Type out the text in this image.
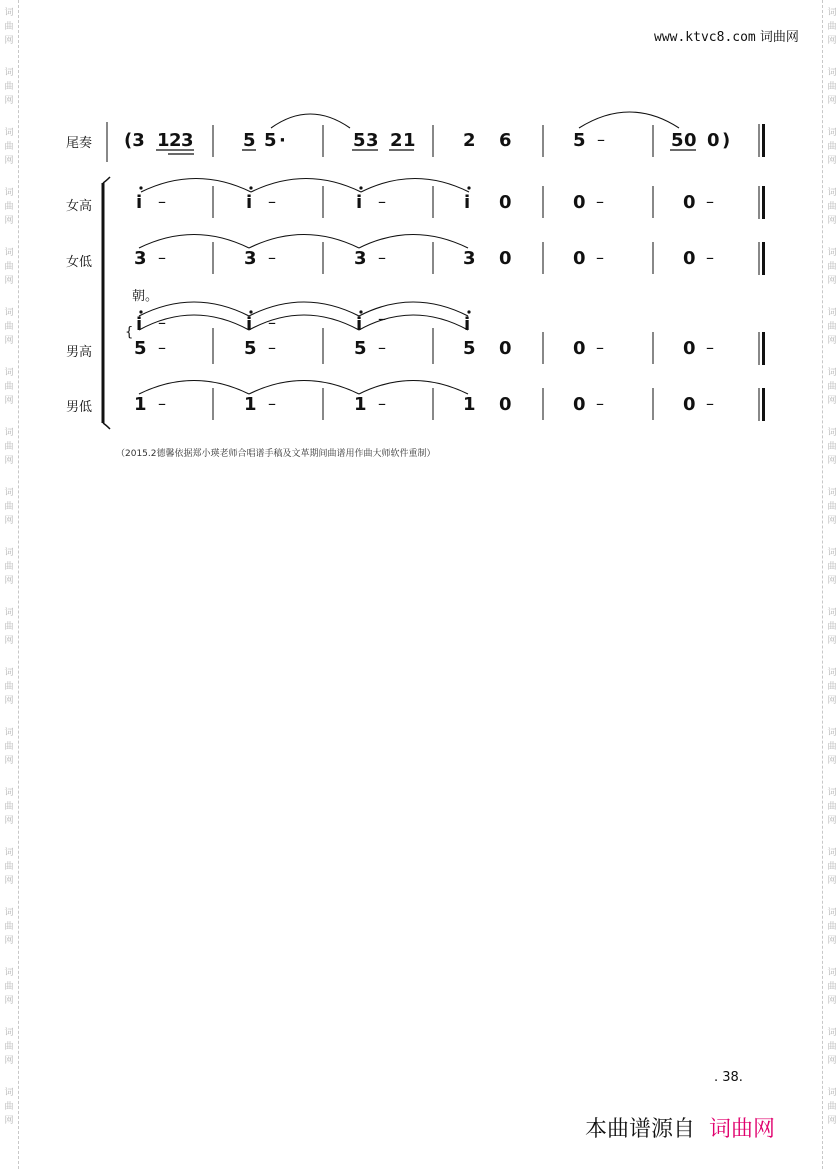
词
曲
网
词
曲
网
词
曲
网
词
曲
网
词
曲
网
词
曲
网
词
曲
网
词
曲
网
词
曲
网
词
曲
网
词
曲
网
词
曲
网
词
曲
网
词
曲
网
词
曲
网
词
曲
网
词
曲
网
词
曲
网
词
曲
网
词
曲
网
词
曲
网
词
曲
网
词
曲
网
词
曲
网
词
曲
网
词
曲
网
词
曲
网
词
曲
网
词
曲
网
词
曲
网
词
曲
网
词
曲
网
词
曲
网
词
曲
网
词
曲
网
词
曲
网
词
曲
网
词
曲
网
www.ktvc8.com 词曲网
尾奏
女高
女低
男高
男低
(3 1 2 3	5 5 ·	5 3 2 1	2 6	5 –	5 0 0 )
i –	i –	i –	i 0	0 –	0 –
3 –	3 –	3 –	3 0	0 –	0 –
朝。
{ i –	i –	i –	i
5 –	5 –	5 –	5 0	0 –	0 –
1 –	1 –	1 –	1 0	0 –	0 –
（2015.2德馨依据郑小瑛老师合唱谱手稿及文革期间曲谱用作曲大师软件重制）
. 38.
本曲谱源自 词曲网
